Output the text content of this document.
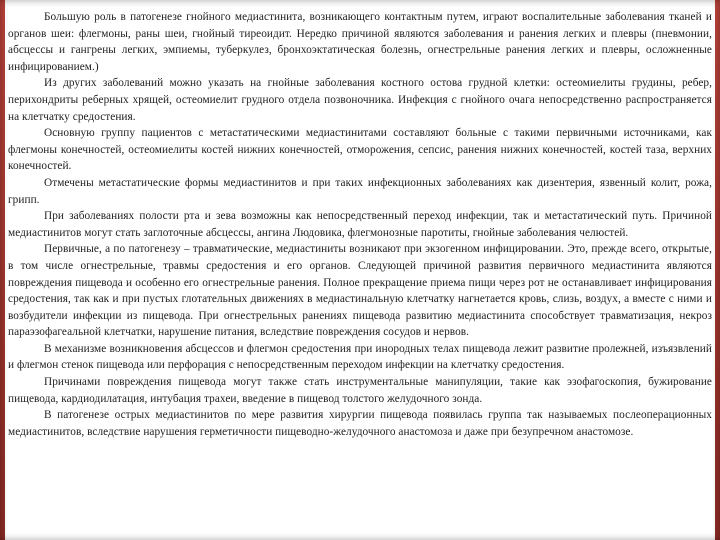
Большую роль в патогенезе гнойного медиастинита, возникающего контактным путем, играют воспалительные заболевания тканей и органов шеи: флегмоны, раны шеи, гнойный тиреоидит. Нередко причиной являются заболевания и ранения легких и плевры (пневмонии, абсцессы и гангрены легких, эмпиемы, туберкулез, бронхоэктатическая болезнь, огнестрельные ранения легких и плевры, осложненные инфицированием.)

Из других заболеваний можно указать на гнойные заболевания костного остова грудной клетки: остеомиелиты грудины, ребер, перихондриты реберных хрящей, остеомиелит грудного отдела позвоночника. Инфекция с гнойного очага непосредственно распространяется на клетчатку средостения.

Основную группу пациентов с метастатическими медиастинитами составляют больные с такими первичными источниками, как флегмоны конечностей, остеомиелиты костей нижних конечностей, отморожения, сепсис, ранения нижних конечностей, костей таза, верхних конечностей.

Отмечены метастатические формы медиастинитов и при таких инфекционных заболеваниях как дизентерия, язвенный колит, рожа, грипп.

При заболеваниях полости рта и зева возможны как непосредственный переход инфекции, так и метастатический путь. Причиной медиастинитов могут стать заглоточные абсцессы, ангина Людовика, флегмонозные паротиты, гнойные заболевания челюстей.

Первичные, а по патогенезу – травматические, медиастиниты возникают при экзогенном инфицировании. Это, прежде всего, открытые, в том числе огнестрельные, травмы средостения и его органов. Следующей причиной развития первичного медиастинита являются повреждения пищевода и особенно его огнестрельные ранения. Полное прекращение приема пищи через рот не останавливает инфицирования средостения, так как и при пустых глотательных движениях в медиастинальную клетчатку нагнетается кровь, слизь, воздух, а вместе с ними и возбудители инфекции из пищевода. При огнестрельных ранениях пищевода развитию медиастинита способствует травматизация, некроз параэзофагеальной клетчатки, нарушение питания, вследствие повреждения сосудов и нервов.

В механизме возникновения абсцессов и флегмон средостения при инородных телах пищевода лежит развитие пролежней, изъязвлений и флегмон стенок пищевода или перфорация с непосредственным переходом инфекции на клетчатку средостения.

Причинами повреждения пищевода могут также стать инструментальные манипуляции, такие как эзофагоскопия, бужирование пищевода, кардиодилатация, интубация трахеи, введение в пищевод толстого желудочного зонда.

В патогенезе острых медиастинитов по мере развития хирургии пищевода появилась группа так называемых послеоперационных медиастинитов, вследствие нарушения герметичности пищеводно-желудочного анастомоза и даже при безупречном анастомозе.
